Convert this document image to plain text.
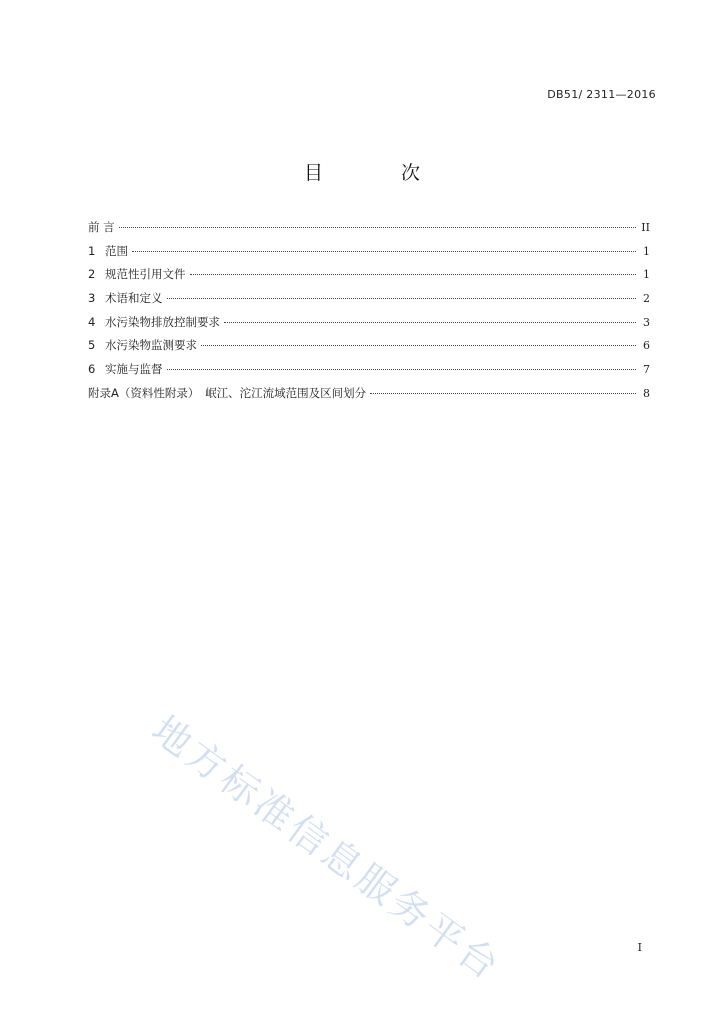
DB51/ 2311—2016
目 次
前 言	II
1 范围	1
2 规范性引用文件	1
3 术语和定义	2
4 水污染物排放控制要求	3
5 水污染物监测要求	6
6 实施与监督	7
附录A（资料性附录）　岷江、沱江流域范围及区间划分	8
地方标准信息服务平台	I
